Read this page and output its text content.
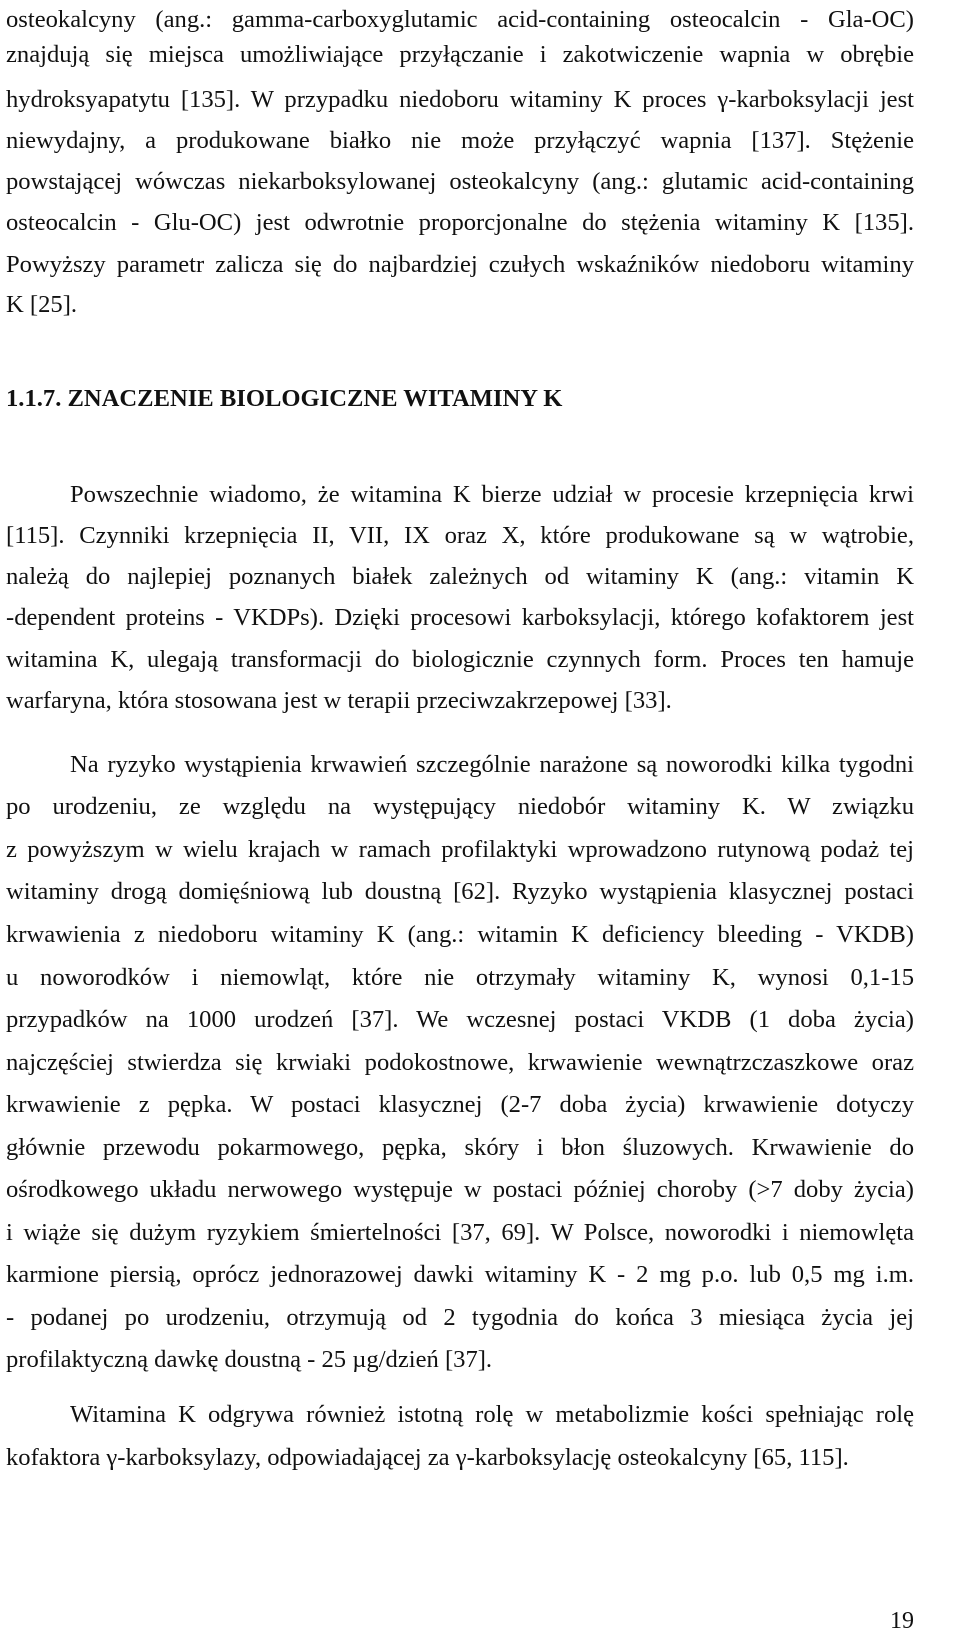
osteokalcyny (ang.: gamma-carboxyglutamic acid-containing osteocalcin - Gla-OC)
znajdują się miejsca umożliwiające przyłączanie i zakotwiczenie wapnia w obrębie
hydroksyapatytu [135]. W przypadku niedoboru witaminy K proces γ-karboksylacji jest
niewydajny, a produkowane białko nie może przyłączyć wapnia [137]. Stężenie
powstającej wówczas niekarboksylowanej osteokalcyny (ang.: glutamic acid-containing
osteocalcin - Glu-OC) jest odwrotnie proporcjonalne do stężenia witaminy K [135].
Powyższy parametr zalicza się do najbardziej czułych wskaźników niedoboru witaminy
K [25].
1.1.7. ZNACZENIE BIOLOGICZNE WITAMINY K
Powszechnie wiadomo, że witamina K bierze udział w procesie krzepnięcia krwi
[115]. Czynniki krzepnięcia II, VII, IX oraz X, które produkowane są w wątrobie,
należą do najlepiej poznanych białek zależnych od witaminy K (ang.: vitamin K
-dependent proteins - VKDPs). Dzięki procesowi karboksylacji, którego kofaktorem jest
witamina K, ulegają transformacji do biologicznie czynnych form. Proces ten hamuje
warfaryna, która stosowana jest w terapii przeciwzakrzepowej [33].
Na ryzyko wystąpienia krwawień szczególnie narażone są noworodki kilka tygodni
po urodzeniu, ze względu na występujący niedobór witaminy K. W związku
z powyższym w wielu krajach w ramach profilaktyki wprowadzono rutynową podaż tej
witaminy drogą domięśniową lub doustną [62]. Ryzyko wystąpienia klasycznej postaci
krwawienia z niedoboru witaminy K (ang.: witamin K deficiency bleeding - VKDB)
u noworodków i niemowląt, które nie otrzymały witaminy K, wynosi 0,1-15
przypadków na 1000 urodzeń [37]. We wczesnej postaci VKDB (1 doba życia)
najczęściej stwierdza się krwiaki podokostnowe, krwawienie wewnątrzczaszkowe oraz
krwawienie z pępka. W postaci klasycznej (2-7 doba życia) krwawienie dotyczy
głównie przewodu pokarmowego, pępka, skóry i błon śluzowych. Krwawienie do
ośrodkowego układu nerwowego występuje w postaci później choroby (>7 doby życia)
i wiąże się dużym ryzykiem śmiertelności [37, 69]. W Polsce, noworodki i niemowlęta
karmione piersią, oprócz jednorazowej dawki witaminy K - 2 mg p.o. lub 0,5 mg i.m.
- podanej po urodzeniu, otrzymują od 2 tygodnia do końca 3 miesiąca życia jej
profilaktyczną dawkę doustną - 25 µg/dzień [37].
Witamina K odgrywa również istotną rolę w metabolizmie kości spełniając rolę
kofaktora γ-karboksylazy, odpowiadającej za γ-karboksylację osteokalcyny [65, 115].
19
